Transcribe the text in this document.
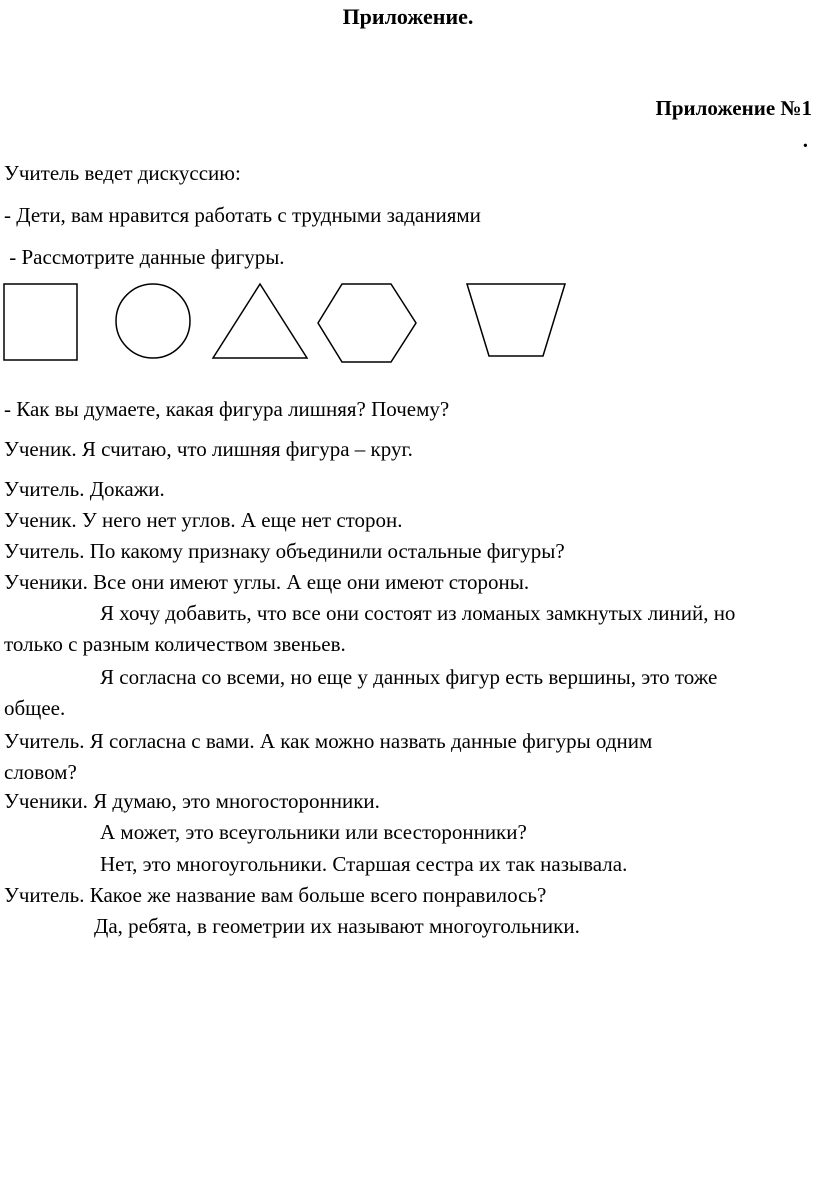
Приложение.
Приложение №1
.
Учитель ведет дискуссию:
- Дети, вам нравится работать с трудными заданиями
- Рассмотрите данные фигуры.
- Как вы думаете, какая фигура лишняя? Почему?
Ученик. Я считаю, что лишняя фигура – круг.
Учитель. Докажи.
Ученик. У него нет углов. А еще нет сторон.
Учитель. По какому признаку объединили остальные фигуры?
Ученики. Все они имеют углы. А еще они имеют стороны.
Я хочу добавить, что все они состоят из ломаных замкнутых линий, но
только с разным количеством звеньев.
Я согласна со всеми, но еще у данных фигур есть вершины, это тоже
общее.
Учитель. Я согласна с вами. А как можно назвать данные фигуры одним
словом?
Ученики. Я думаю, это многосторонники.
А может, это всеугольники или всесторонники?
Нет, это многоугольники. Старшая сестра их так называла.
Учитель. Какое же название вам больше всего понравилось?
Да, ребята, в геометрии их называют многоугольники.
